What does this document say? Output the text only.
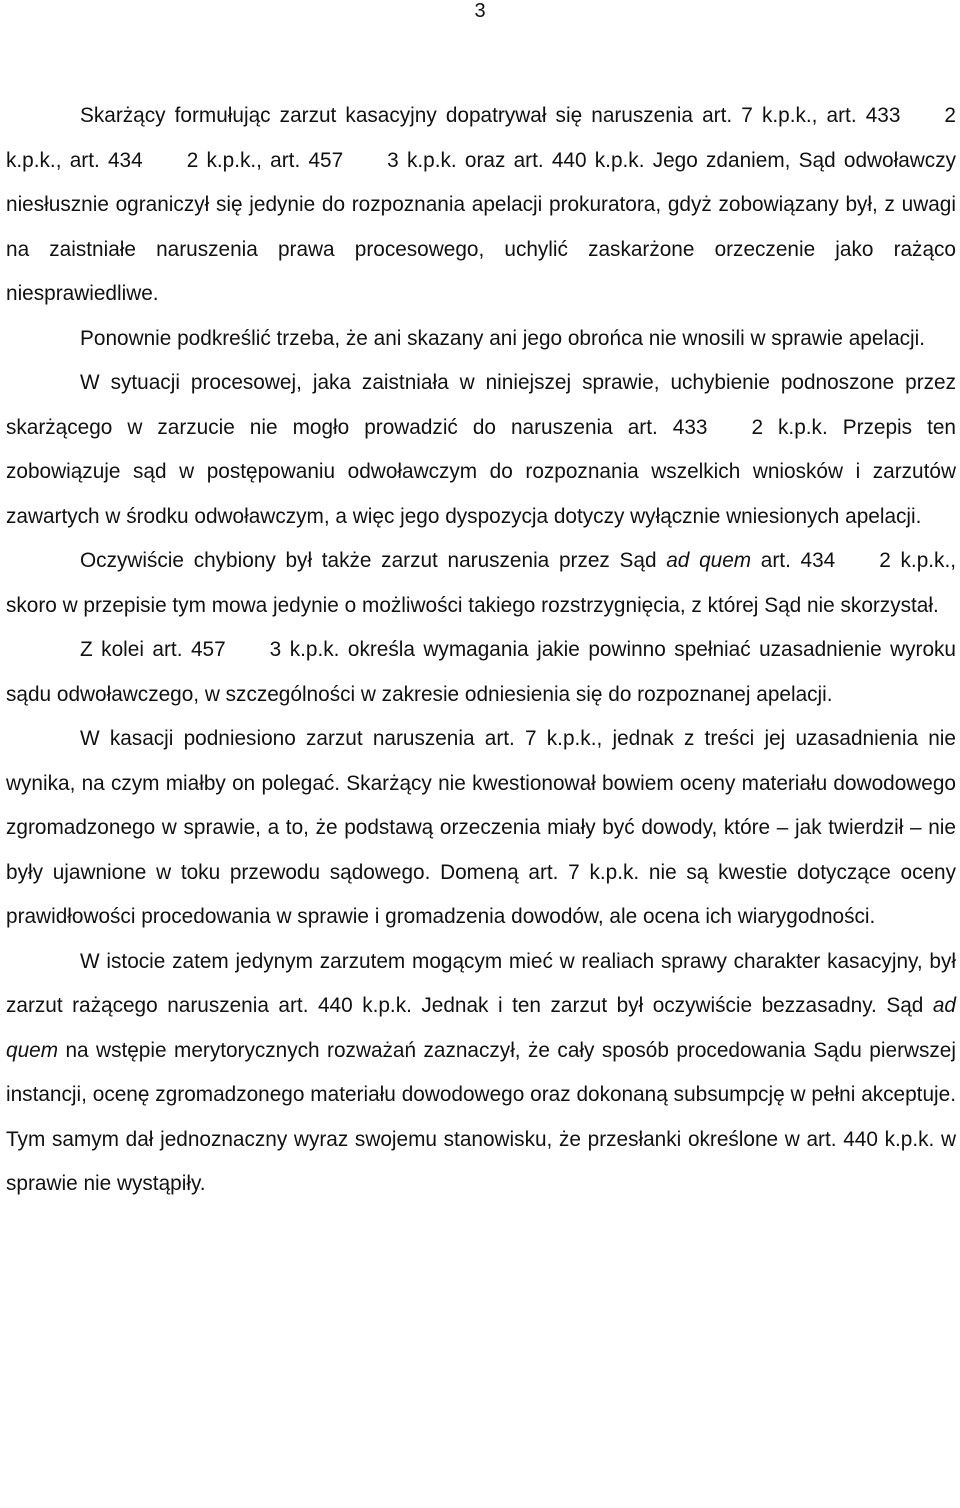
3

Skarżący formułując zarzut kasacyjny dopatrywał się naruszenia art. 7 k.p.k., art. 433 2 k.p.k., art. 434 2 k.p.k., art. 457 3 k.p.k. oraz art. 440 k.p.k. Jego zdaniem, Sąd odwoławczy niesłusznie ograniczył się jedynie do rozpoznania apelacji prokuratora, gdyż zobowiązany był, z uwagi na zaistniałe naruszenia prawa procesowego, uchylić zaskarżone orzeczenie jako rażąco niesprawiedliwe.

Ponownie podkreślić trzeba, że ani skazany ani jego obrońca nie wnosili w sprawie apelacji.

W sytuacji procesowej, jaka zaistniała w niniejszej sprawie, uchybienie podnoszone przez skarżącego w zarzucie nie mogło prowadzić do naruszenia art. 433 2 k.p.k. Przepis ten zobowiązuje sąd w postępowaniu odwoławczym do rozpoznania wszelkich wniosków i zarzutów zawartych w środku odwoławczym, a więc jego dyspozycja dotyczy wyłącznie wniesionych apelacji.

Oczywiście chybiony był także zarzut naruszenia przez Sąd ad quem art. 434 2 k.p.k., skoro w przepisie tym mowa jedynie o możliwości takiego rozstrzygnięcia, z której Sąd nie skorzystał.

Z kolei art. 457 3 k.p.k. określa wymagania jakie powinno spełniać uzasadnienie wyroku sądu odwoławczego, w szczególności w zakresie odniesienia się do rozpoznanej apelacji.

W kasacji podniesiono zarzut naruszenia art. 7 k.p.k., jednak z treści jej uzasadnienia nie wynika, na czym miałby on polegać. Skarżący nie kwestionował bowiem oceny materiału dowodowego zgromadzonego w sprawie, a to, że podstawą orzeczenia miały być dowody, które – jak twierdził – nie były ujawnione w toku przewodu sądowego. Domeną art. 7 k.p.k. nie są kwestie dotyczące oceny prawidłowości procedowania w sprawie i gromadzenia dowodów, ale ocena ich wiarygodności.

W istocie zatem jedynym zarzutem mogącym mieć w realiach sprawy charakter kasacyjny, był zarzut rażącego naruszenia art. 440 k.p.k. Jednak i ten zarzut był oczywiście bezzasadny. Sąd ad quem na wstępie merytorycznych rozważań zaznaczył, że cały sposób procedowania Sądu pierwszej instancji, ocenę zgromadzonego materiału dowodowego oraz dokonaną subsumpcję w pełni akceptuje. Tym samym dał jednoznaczny wyraz swojemu stanowisku, że przesłanki określone w art. 440 k.p.k. w sprawie nie wystąpiły.
